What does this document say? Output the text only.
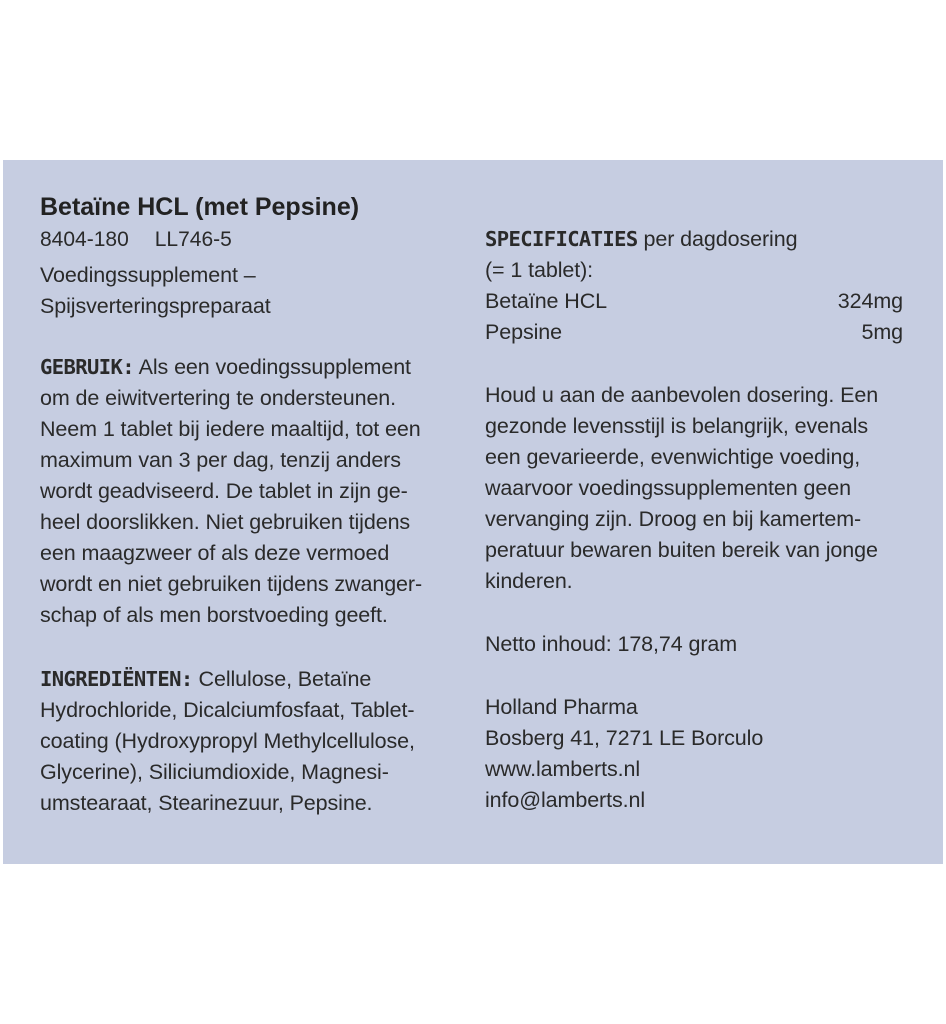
Betaïne HCL (met Pepsine)
8404-180 LL746-5
Voedingssupplement –
Spijsverteringspreparaat
GEBRUIK: Als een voedingssupplement
om de eiwitvertering te ondersteunen.
Neem 1 tablet bij iedere maaltijd, tot een
maximum van 3 per dag, tenzij anders
wordt geadviseerd. De tablet in zijn ge-
heel doorslikken. Niet gebruiken tijdens
een maagzweer of als deze vermoed
wordt en niet gebruiken tijdens zwanger-
schap of als men borstvoeding geeft.
INGREDIËNTEN: Cellulose, Betaïne
Hydrochloride, Dicalciumfosfaat, Tablet-
coating (Hydroxypropyl Methylcellulose,
Glycerine), Siliciumdioxide, Magnesi-
umstearaat, Stearinezuur, Pepsine.
SPECIFICATIES per dagdosering
(= 1 tablet):
Betaïne HCL	324mg
Pepsine	5mg
Houd u aan de aanbevolen dosering. Een
gezonde levensstijl is belangrijk, evenals
een gevarieerde, evenwichtige voeding,
waarvoor voedingssupplementen geen
vervanging zijn. Droog en bij kamertem-
peratuur bewaren buiten bereik van jonge
kinderen.
Netto inhoud: 178,74 gram
Holland Pharma
Bosberg 41, 7271 LE Borculo
www.lamberts.nl
info@lamberts.nl
